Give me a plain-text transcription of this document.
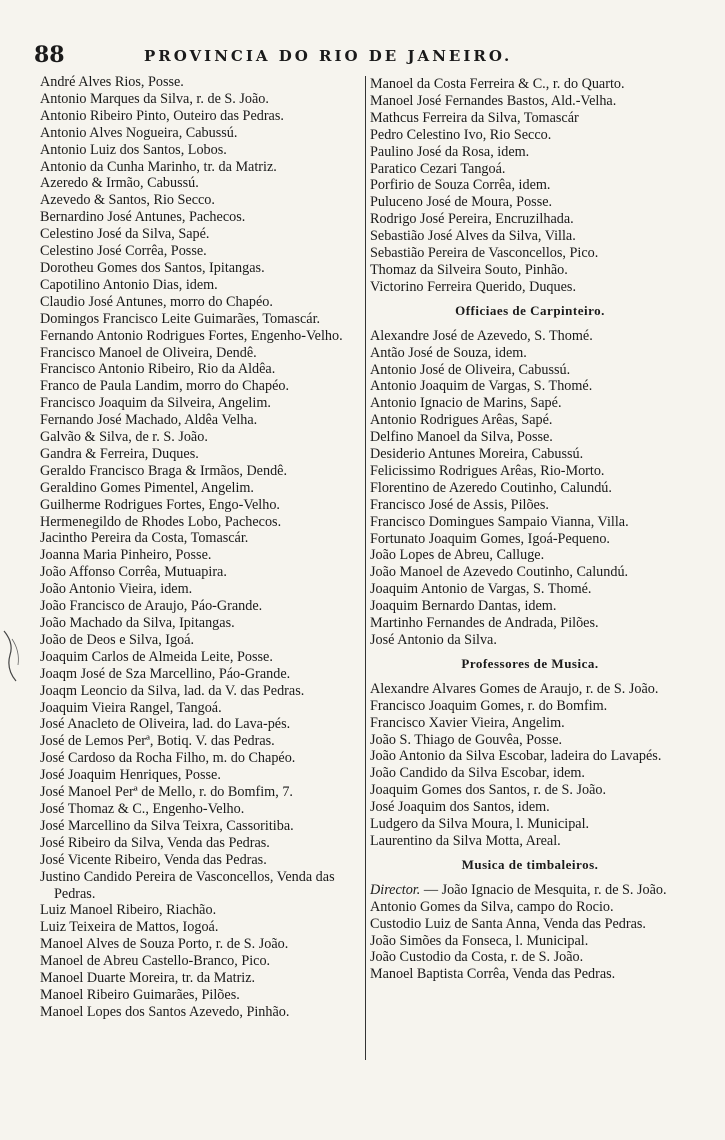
88	PROVINCIA DO RIO DE JANEIRO.

André Alves Rios, Posse.

Antonio Marques da Silva, r. de S. João.

Antonio Ribeiro Pinto, Outeiro das Pedras.

Antonio Alves Nogueira, Cabussú.

Antonio Luiz dos Santos, Lobos.

Antonio da Cunha Marinho, tr. da Matriz.

Azeredo & Irmão, Cabussú.

Azevedo & Santos, Rio Secco.

Bernardino José Antunes, Pachecos.

Celestino José da Silva, Sapé.

Celestino José Corrêa, Posse.

Dorotheu Gomes dos Santos, Ipitangas.

Capotilino Antonio Dias, idem.

Claudio José Antunes, morro do Chapéo.

Domingos Francisco Leite Guimarães, Tomascár.

Fernando Antonio Rodrigues Fortes, Engenho-Velho.

Francisco Manoel de Oliveira, Dendê.

Francisco Antonio Ribeiro, Rio da Aldêa.

Franco de Paula Landim, morro do Chapéo.

Francisco Joaquim da Silveira, Angelim.

Fernando José Machado, Aldêa Velha.

Galvão & Silva, de r. S. João.

Gandra & Ferreira, Duques.

Geraldo Francisco Braga & Irmãos, Dendê.

Geraldino Gomes Pimentel, Angelim.

Guilherme Rodrigues Fortes, Engo-Velho.

Hermenegildo de Rhodes Lobo, Pachecos.

Jacintho Pereira da Costa, Tomascár.

Joanna Maria Pinheiro, Posse.

João Affonso Corrêa, Mutuapira.

João Antonio Vieira, idem.

João Francisco de Araujo, Páo-Grande.

João Machado da Silva, Ipitangas.

João de Deos e Silva, Igoá.

Joaquim Carlos de Almeida Leite, Posse.

Joaqm José de Sza Marcellino, Páo-Grande.

Joaqm Leoncio da Silva, lad. da V. das Pedras.

Joaquim Vieira Rangel, Tangoá.

José Anacleto de Oliveira, lad. do Lava-pés.

José de Lemos Perª, Botiq. V. das Pedras.

José Cardoso da Rocha Filho, m. do Chapéo.

José Joaquim Henriques, Posse.

José Manoel Perª de Mello, r. do Bomfim, 7.

José Thomaz & C., Engenho-Velho.

José Marcellino da Silva Teixra, Cassoritiba.

José Ribeiro da Silva, Venda das Pedras.

José Vicente Ribeiro, Venda das Pedras.

Justino Candido Pereira de Vasconcellos, Venda das Pedras.

Luiz Manoel Ribeiro, Riachão.

Luiz Teixeira de Mattos, Iogoá.

Manoel Alves de Souza Porto, r. de S. João.

Manoel de Abreu Castello-Branco, Pico.

Manoel Duarte Moreira, tr. da Matriz.

Manoel Ribeiro Guimarães, Pilões.

Manoel Lopes dos Santos Azevedo, Pinhão.

Manoel da Costa Ferreira & C., r. do Quarto.

Manoel José Fernandes Bastos, Ald.-Velha.

Mathcus Ferreira da Silva, Tomascár

Pedro Celestino Ivo, Rio Secco.

Paulino José da Rosa, idem.

Paratico Cezari Tangoá.

Porfirio de Souza Corrêa, idem.

Puluceno José de Moura, Posse.

Rodrigo José Pereira, Encruzilhada.

Sebastião José Alves da Silva, Villa.

Sebastião Pereira de Vasconcellos, Pico.

Thomaz da Silveira Souto, Pinhão.

Victorino Ferreira Querido, Duques.

Officiaes de Carpinteiro.

Alexandre José de Azevedo, S. Thomé.

Antão José de Souza, idem.

Antonio José de Oliveira, Cabussú.

Antonio Joaquim de Vargas, S. Thomé.

Antonio Ignacio de Marins, Sapé.

Antonio Rodrigues Arêas, Sapé.

Delfino Manoel da Silva, Posse.

Desiderio Antunes Moreira, Cabussú.

Felicissimo Rodrigues Arêas, Rio-Morto.

Florentino de Azeredo Coutinho, Calundú.

Francisco José de Assis, Pilões.

Francisco Domingues Sampaio Vianna, Villa.

Fortunato Joaquim Gomes, Igoá-Pequeno.

João Lopes de Abreu, Calluge.

João Manoel de Azevedo Coutinho, Calundú.

Joaquim Antonio de Vargas, S. Thomé.

Joaquim Bernardo Dantas, idem.

Martinho Fernandes de Andrada, Pilões.

José Antonio da Silva.

Professores de Musica.

Alexandre Alvares Gomes de Araujo, r. de S. João.

Francisco Joaquim Gomes, r. do Bomfim.

Francisco Xavier Vieira, Angelim.

João S. Thiago de Gouvêa, Posse.

João Antonio da Silva Escobar, ladeira do Lavapés.

João Candido da Silva Escobar, idem.

Joaquim Gomes dos Santos, r. de S. João.

José Joaquim dos Santos, idem.

Ludgero da Silva Moura, l. Municipal.

Laurentino da Silva Motta, Areal.

Musica de timbaleiros.

Director. — João Ignacio de Mesquita, r. de S. João.

Antonio Gomes da Silva, campo do Rocio.

Custodio Luiz de Santa Anna, Venda das Pedras.

João Simões da Fonseca, l. Municipal.

João Custodio da Costa, r. de S. João.

Manoel Baptista Corrêa, Venda das Pedras.
